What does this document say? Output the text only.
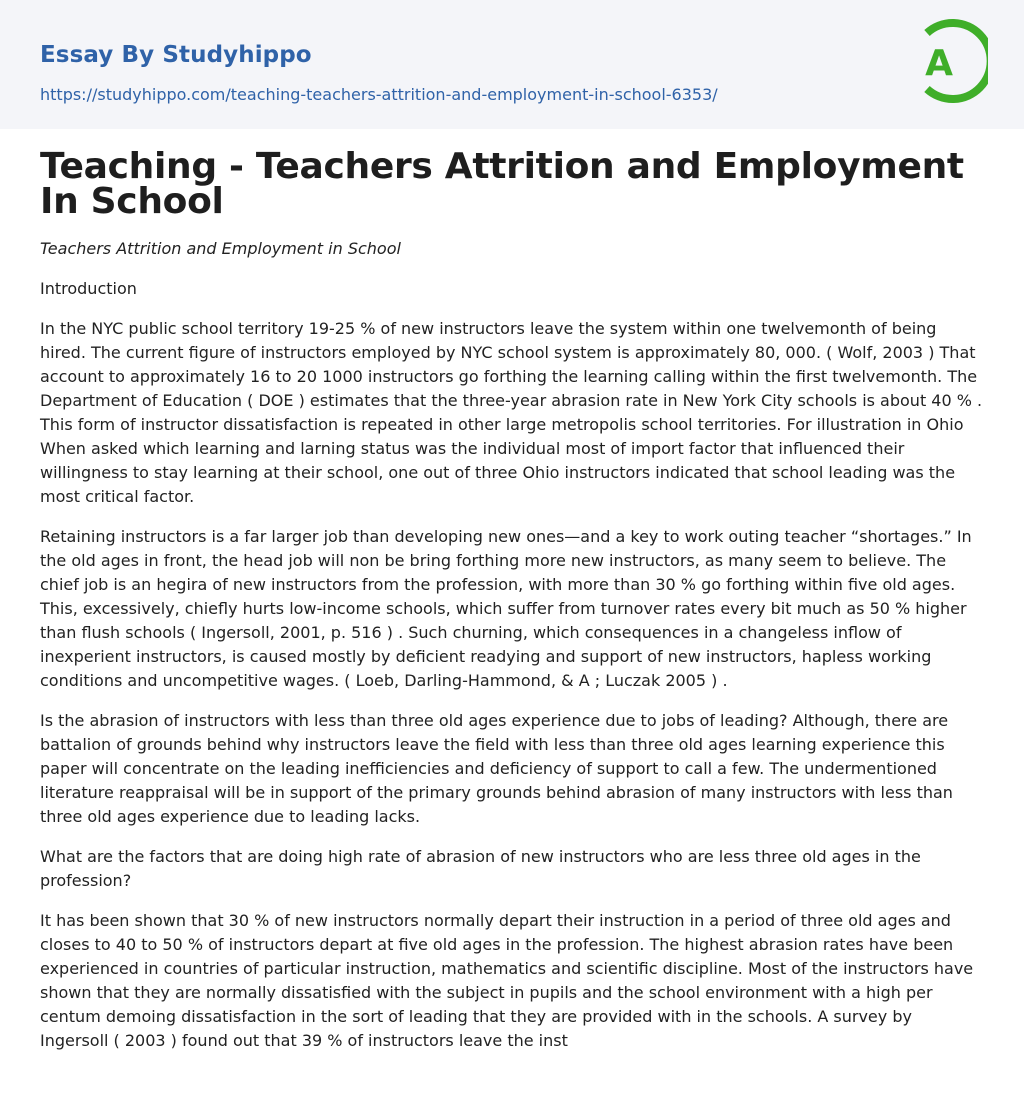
Essay By Studyhippo
https://studyhippo.com/teaching-teachers-attrition-and-employment-in-school-6353/
A
Teaching - Teachers Attrition and Employment In School

Teachers Attrition and Employment in School

Introduction

In the NYC public school territory 19-25 % of new instructors leave the system within one twelvemonth of being hired. The current figure of instructors employed by NYC school system is approximately 80, 000. ( Wolf, 2003 ) That account to approximately 16 to 20 1000 instructors go forthing the learning calling within the first twelvemonth. The Department of Education ( DOE ) estimates that the three-year abrasion rate in New York City schools is about 40 % . This form of instructor dissatisfaction is repeated in other large metropolis school territories. For illustration in Ohio When asked which learning and larning status was the individual most of import factor that influenced their willingness to stay learning at their school, one out of three Ohio instructors indicated that school leading was the most critical factor.

Retaining instructors is a far larger job than developing new ones—and a key to work outing teacher “shortages.” In the old ages in front, the head job will non be bring forthing more new instructors, as many seem to believe. The chief job is an hegira of new instructors from the profession, with more than 30 % go forthing within five old ages. This, excessively, chiefly hurts low-income schools, which suffer from turnover rates every bit much as 50 % higher than flush schools ( Ingersoll, 2001, p. 516 ) . Such churning, which consequences in a changeless inflow of inexperient instructors, is caused mostly by deficient readying and support of new instructors, hapless working conditions and uncompetitive wages. ( Loeb, Darling-Hammond, & A ; Luczak 2005 ) .

Is the abrasion of instructors with less than three old ages experience due to jobs of leading? Although, there are battalion of grounds behind why instructors leave the field with less than three old ages learning experience this paper will concentrate on the leading inefficiencies and deficiency of support to call a few. The undermentioned literature reappraisal will be in support of the primary grounds behind abrasion of many instructors with less than three old ages experience due to leading lacks.

What are the factors that are doing high rate of abrasion of new instructors who are less three old ages in the profession?

It has been shown that 30 % of new instructors normally depart their instruction in a period of three old ages and closes to 40 to 50 % of instructors depart at five old ages in the profession. The highest abrasion rates have been experienced in countries of particular instruction, mathematics and scientific discipline. Most of the instructors have shown that they are normally dissatisfied with the subject in pupils and the school environment with a high per centum demoing dissatisfaction in the sort of leading that they are provided with in the schools. A survey by Ingersoll ( 2003 ) found out that 39 % of instructors leave the inst
